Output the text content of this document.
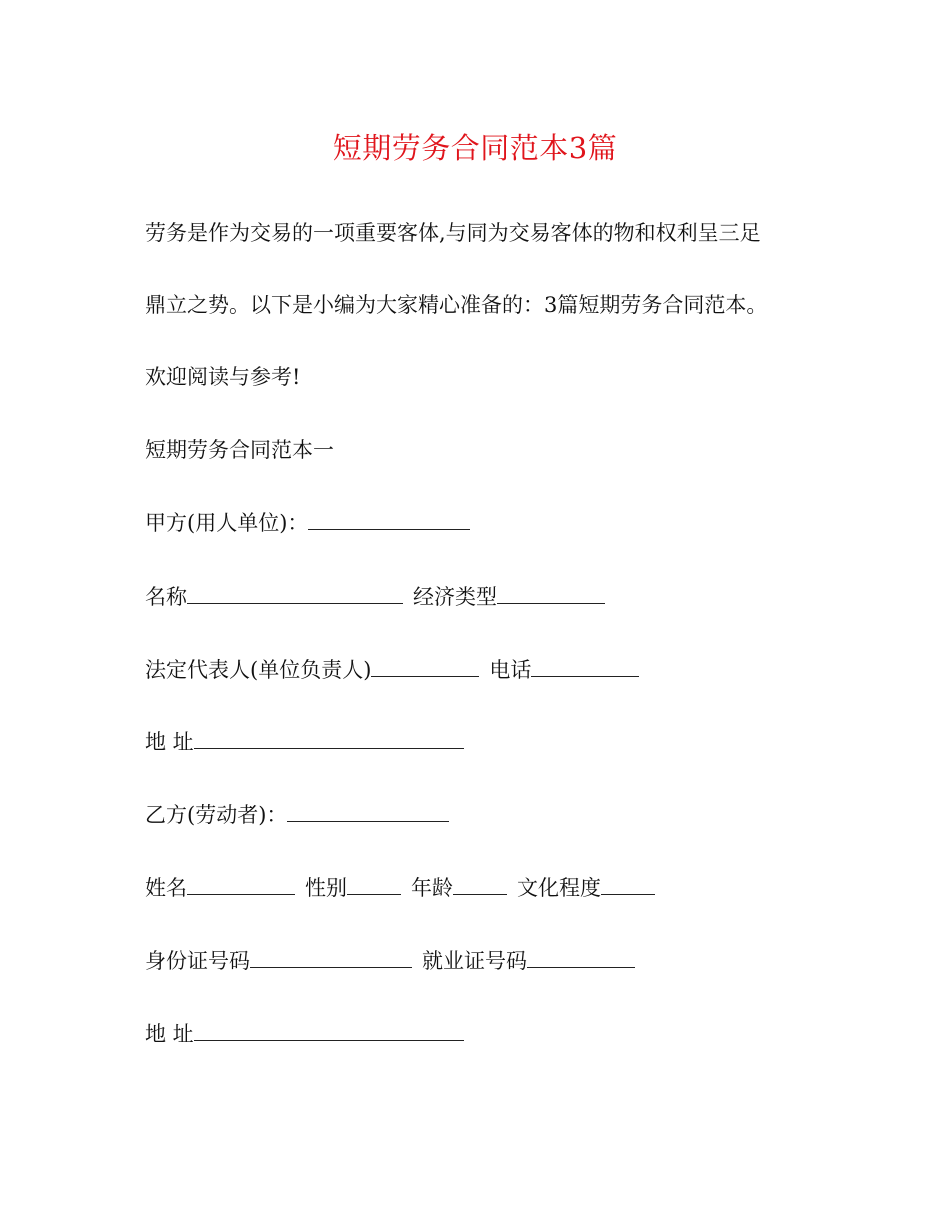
短期劳务合同范本3篇
劳务是作为交易的一项重要客体,与同为交易客体的物和权利呈三足
鼎立之势。以下是小编为大家精心准备的：3篇短期劳务合同范本。
欢迎阅读与参考!
短期劳务合同范本一
甲方(用人单位)：
名称	经济类型
法定代表人(单位负责人)	电话
地 址
乙方(劳动者)：
姓名	性别	年龄	文化程度
身份证号码	就业证号码
地 址
